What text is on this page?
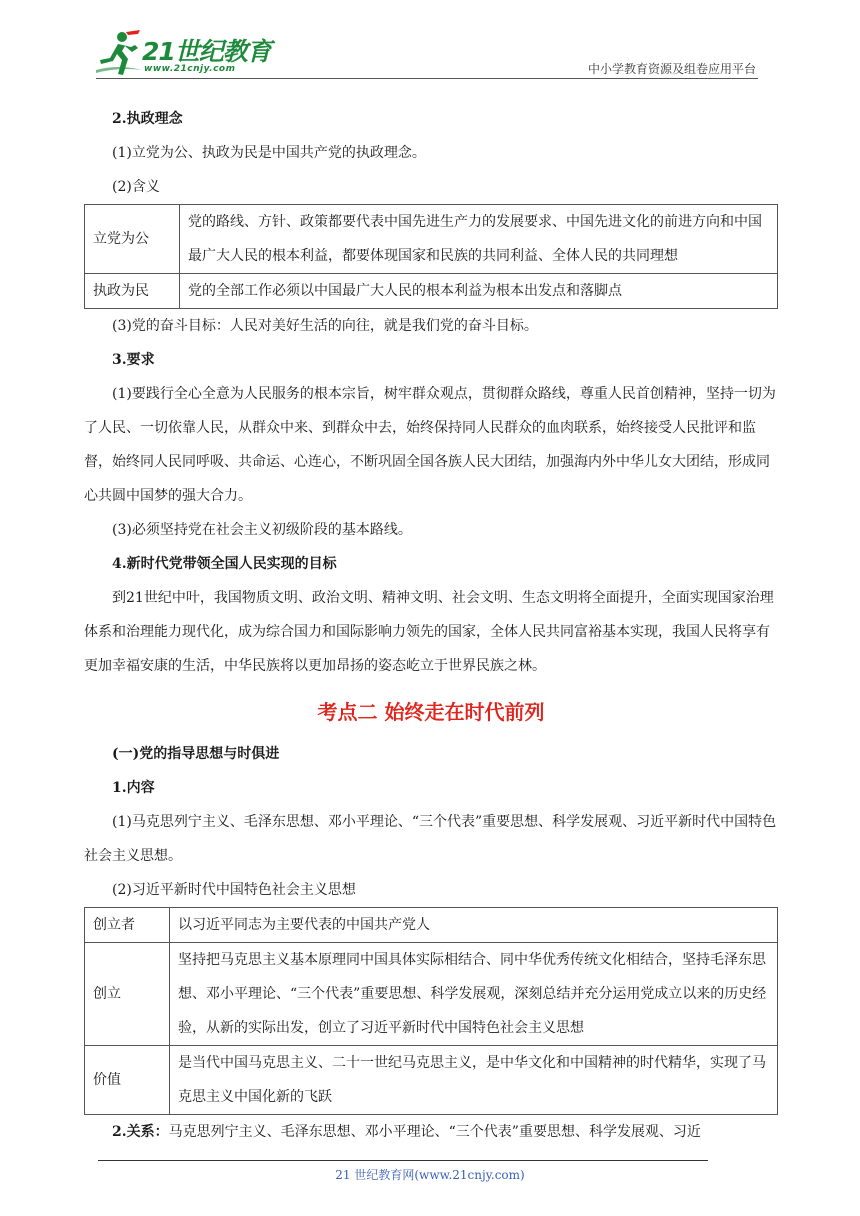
21世纪教育
www.21cnjy.com	中小学教育资源及组卷应用平台

2.执政理念

(1)立党为公、执政为民是中国共产党的执政理念。

(2)含义

立党为公	党的路线、方针、政策都要代表中国先进生产力的发展要求、中国先进文化的前进方向和中国最广大人民的根本利益，都要体现国家和民族的共同利益、全体人民的共同理想
执政为民	党的全部工作必须以中国最广大人民的根本利益为根本出发点和落脚点

(3)党的奋斗目标：人民对美好生活的向往，就是我们党的奋斗目标。

3.要求

(1)要践行全心全意为人民服务的根本宗旨，树牢群众观点，贯彻群众路线，尊重人民首创精神，坚持一切为了人民、一切依靠人民，从群众中来、到群众中去，始终保持同人民群众的血肉联系，始终接受人民批评和监督，始终同人民同呼吸、共命运、心连心，不断巩固全国各族人民大团结，加强海内外中华儿女大团结，形成同心共圆中国梦的强大合力。

(3)必须坚持党在社会主义初级阶段的基本路线。

4.新时代党带领全国人民实现的目标

到21世纪中叶，我国物质文明、政治文明、精神文明、社会文明、生态文明将全面提升，全面实现国家治理体系和治理能力现代化，成为综合国力和国际影响力领先的国家，全体人民共同富裕基本实现，我国人民将享有更加幸福安康的生活，中华民族将以更加昂扬的姿态屹立于世界民族之林。

考点二 始终走在时代前列

(一)党的指导思想与时俱进

1.内容

(1)马克思列宁主义、毛泽东思想、邓小平理论、“三个代表”重要思想、科学发展观、习近平新时代中国特色社会主义思想。

(2)习近平新时代中国特色社会主义思想

创立者	以习近平同志为主要代表的中国共产党人
创立	坚持把马克思主义基本原理同中国具体实际相结合、同中华优秀传统文化相结合，坚持毛泽东思想、邓小平理论、“三个代表”重要思想、科学发展观，深刻总结并充分运用党成立以来的历史经验，从新的实际出发，创立了习近平新时代中国特色社会主义思想
价值	是当代中国马克思主义、二十一世纪马克思主义，是中华文化和中国精神的时代精华，实现了马克思主义中国化新的飞跃

2.关系：马克思列宁主义、毛泽东思想、邓小平理论、“三个代表”重要思想、科学发展观、习近

21 世纪教育网(www.21cnjy.com)
